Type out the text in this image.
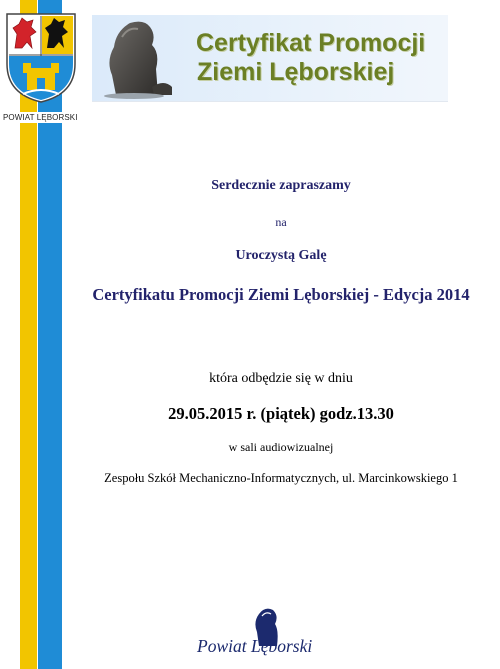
POWIAT LĘBORSKI
Certyfikat Promocji
Ziemi Lęborskiej
Serdecznie zapraszamy
na
Uroczystą Galę
Certyfikatu Promocji Ziemi Lęborskiej - Edycja 2014
która odbędzie się w dniu
29.05.2015 r. (piątek) godz.13.30
w sali audiowizualnej
Zespołu Szkół Mechaniczno-Informatycznych, ul. Marcinkowskiego 1
Powiat Lęborski
